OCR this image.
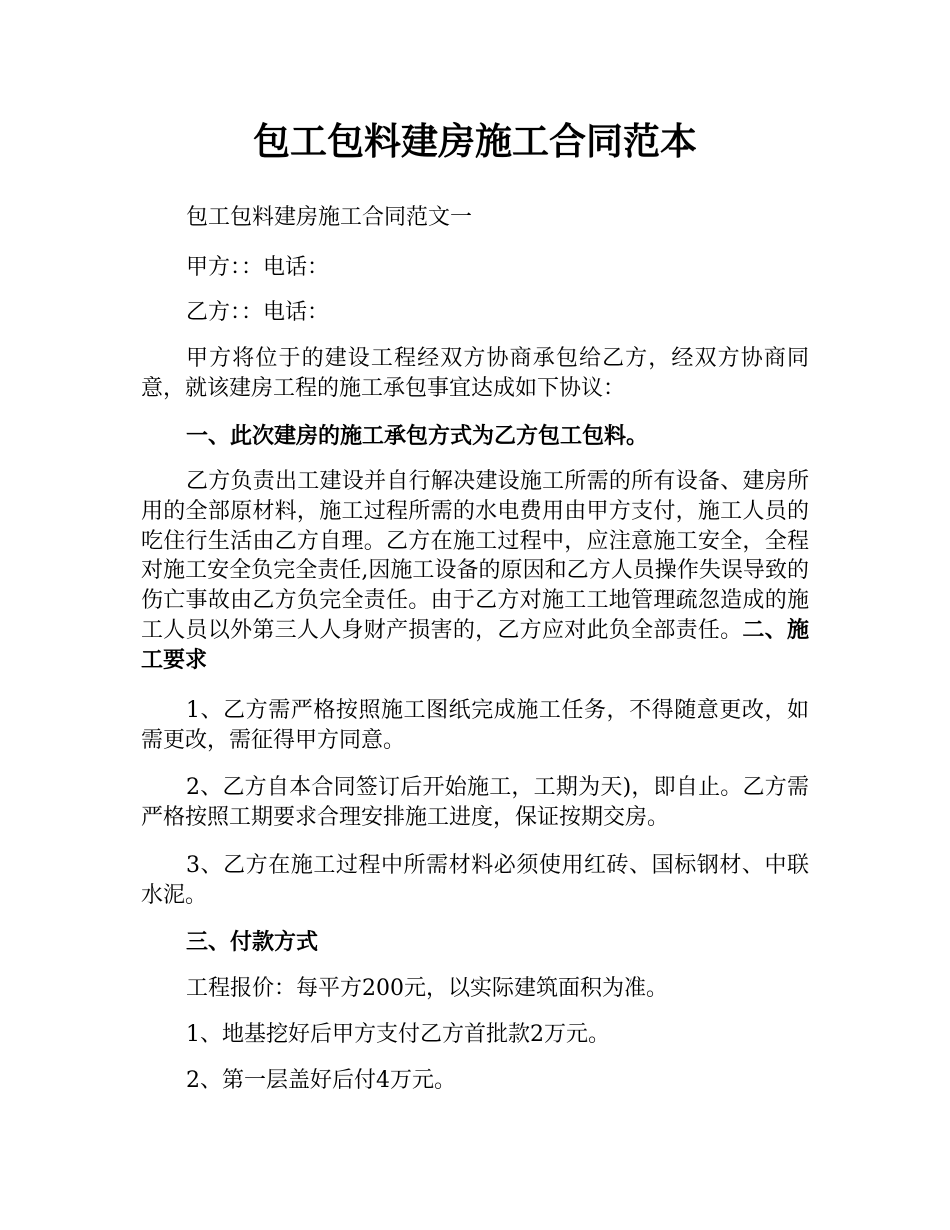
包工包料建房施工合同范本

包工包料建房施工合同范文一

甲方：：电话：

乙方：：电话：

甲方将位于的建设工程经双方协商承包给乙方，经双方协商同意，就该建房工程的施工承包事宜达成如下协议：

一、此次建房的施工承包方式为乙方包工包料。

乙方负责出工建设并自行解决建设施工所需的所有设备、建房所用的全部原材料，施工过程所需的水电费用由甲方支付，施工人员的吃住行生活由乙方自理。乙方在施工过程中，应注意施工安全，全程对施工安全负完全责任,因施工设备的原因和乙方人员操作失误导致的伤亡事故由乙方负完全责任。由于乙方对施工工地管理疏忽造成的施工人员以外第三人人身财产损害的，乙方应对此负全部责任。二、施工要求

1、乙方需严格按照施工图纸完成施工任务，不得随意更改，如需更改，需征得甲方同意。

2、乙方自本合同签订后开始施工，工期为天)，即自止。乙方需严格按照工期要求合理安排施工进度，保证按期交房。

3、乙方在施工过程中所需材料必须使用红砖、国标钢材、中联水泥。

三、付款方式

工程报价：每平方200元，以实际建筑面积为准。

1、地基挖好后甲方支付乙方首批款2万元。

2、第一层盖好后付4万元。
